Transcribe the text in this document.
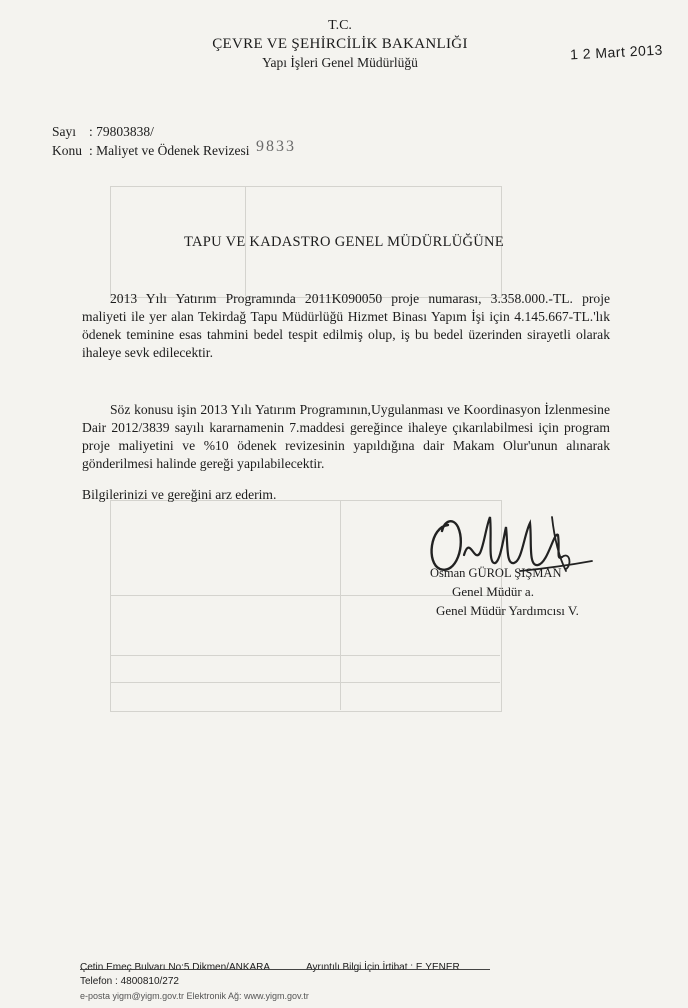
T.C.
ÇEVRE VE ŞEHİRCİLİK BAKANLIĞI
Yapı İşleri Genel Müdürlüğü
1 2 Mart 2013
Sayı : 79803838/
Konu : Maliyet ve Ödenek Revizesi 9833
TAPU VE KADASTRO GENEL MÜDÜRLÜĞÜNE

2013 Yılı Yatırım Programında 2011K090050 proje numarası, 3.358.000.-TL. proje maliyeti ile yer alan Tekirdağ Tapu Müdürlüğü Hizmet Binası Yapım İşi için 4.145.667-TL.'lık ödenek teminine esas tahmini bedel tespit edilmiş olup, iş bu bedel üzerinden sirayetli olarak ihaleye sevk edilecektir.

Söz konusu işin 2013 Yılı Yatırım Programının,Uygulanması ve Koordinasyon İzlenmesine Dair 2012/3839 sayılı kararnamenin 7.maddesi gereğince ihaleye çıkarılabilmesi için program proje maliyetini ve %10 ödenek revizesinin yapıldığına dair Makam Olur'unun alınarak gönderilmesi halinde gereği yapılabilecektir.

Bilgilerinizi ve gereğini arz ederim.
Osman GÜROL ŞIŞMAN
Genel Müdür a.
Genel Müdür Yardımcısı V.
Çetin Emeç Bulvarı No:5 Dikmen/ANKARA	Ayrıntılı Bilgi İçin İrtibat : E.YENER
Telefon : 4800810/272
e-posta yigm@yigm.gov.tr Elektronik Ağ: www.yigm.gov.tr
